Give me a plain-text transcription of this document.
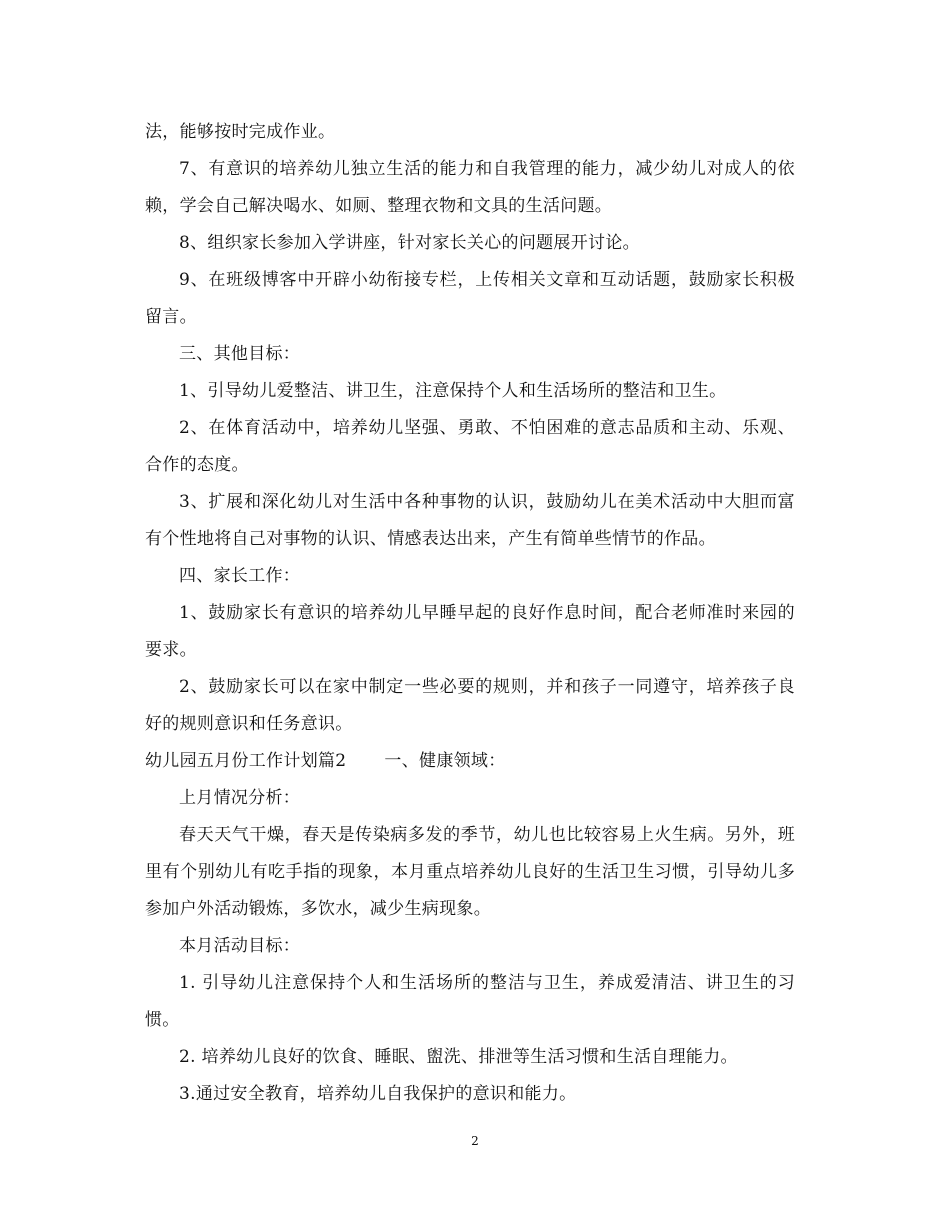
法，能够按时完成作业。

7、有意识的培养幼儿独立生活的能力和自我管理的能力，减少幼儿对成人的依赖，学会自己解决喝水、如厕、整理衣物和文具的生活问题。

8、组织家长参加入学讲座，针对家长关心的问题展开讨论。

9、在班级博客中开辟小幼衔接专栏，上传相关文章和互动话题，鼓励家长积极留言。

三、其他目标：

1、引导幼儿爱整洁、讲卫生，注意保持个人和生活场所的整洁和卫生。

2、在体育活动中，培养幼儿坚强、勇敢、不怕困难的意志品质和主动、乐观、合作的态度。

3、扩展和深化幼儿对生活中各种事物的认识，鼓励幼儿在美术活动中大胆而富有个性地将自己对事物的认识、情感表达出来，产生有简单些情节的作品。

四、家长工作：

1、鼓励家长有意识的培养幼儿早睡早起的良好作息时间，配合老师准时来园的要求。

2、鼓励家长可以在家中制定一些必要的规则，并和孩子一同遵守，培养孩子良好的规则意识和任务意识。

幼儿园五月份工作计划篇2 一、健康领域：

上月情况分析：

春天天气干燥，春天是传染病多发的季节，幼儿也比较容易上火生病。另外，班里有个别幼儿有吃手指的现象，本月重点培养幼儿良好的生活卫生习惯，引导幼儿多参加户外活动锻炼，多饮水，减少生病现象。

本月活动目标：

1. 引导幼儿注意保持个人和生活场所的整洁与卫生，养成爱清洁、讲卫生的习惯。

2. 培养幼儿良好的饮食、睡眠、盥洗、排泄等生活习惯和生活自理能力。

3.通过安全教育，培养幼儿自我保护的意识和能力。

2
